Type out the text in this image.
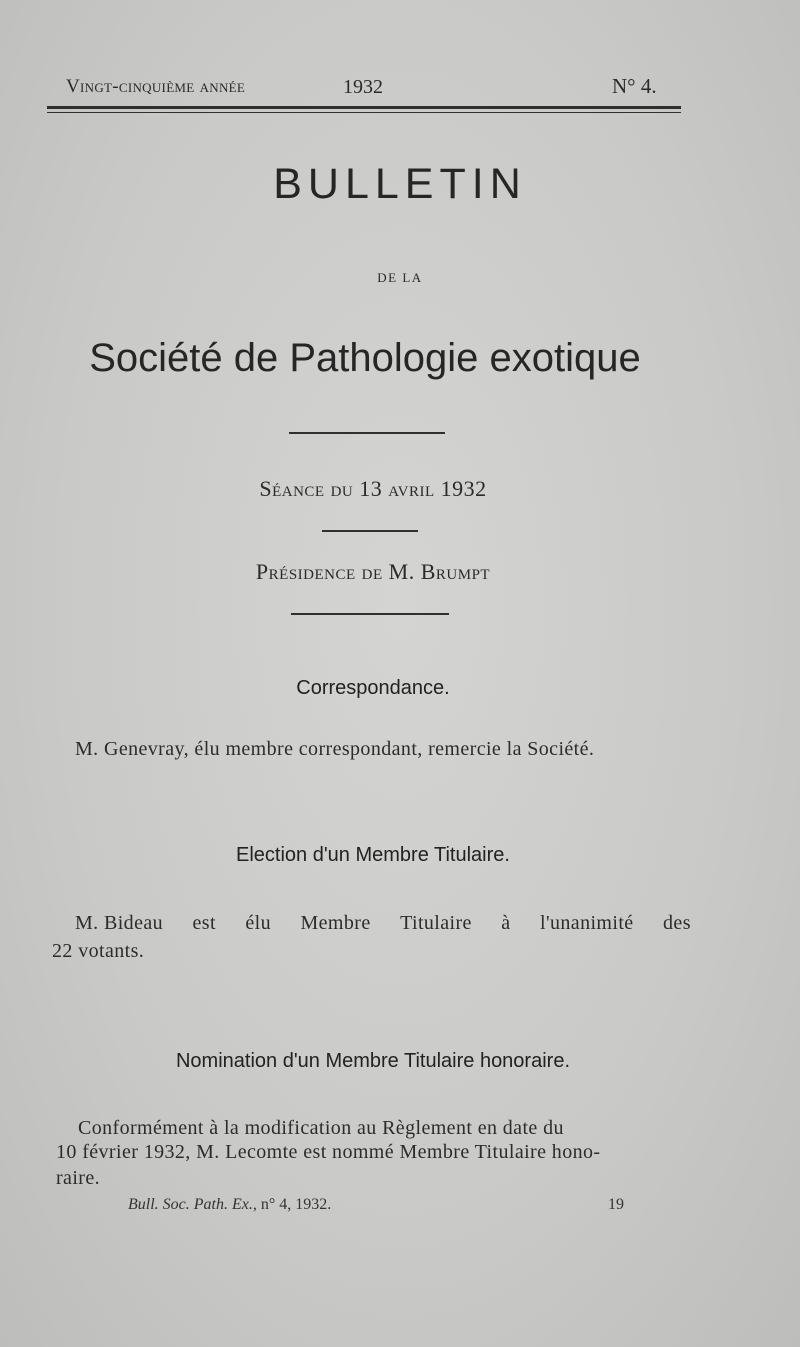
Vingt-cinquième année	1932	N° 4.
BULLETIN
DE LA
Société de Pathologie exotique
Séance du 13 avril 1932
Présidence de M. Brumpt
Correspondance.
M. Genevray, élu membre correspondant, remercie la Société.
Election d'un Membre Titulaire.
M. Bideau est élu Membre Titulaire à l'unanimité des
22 votants.
Nomination d'un Membre Titulaire honoraire.
Conformément à la modification au Règlement en date du
10 février 1932, M. Lecomte est nommé Membre Titulaire hono-
raire.
Bull. Soc. Path. Ex., n° 4, 1932.	19
